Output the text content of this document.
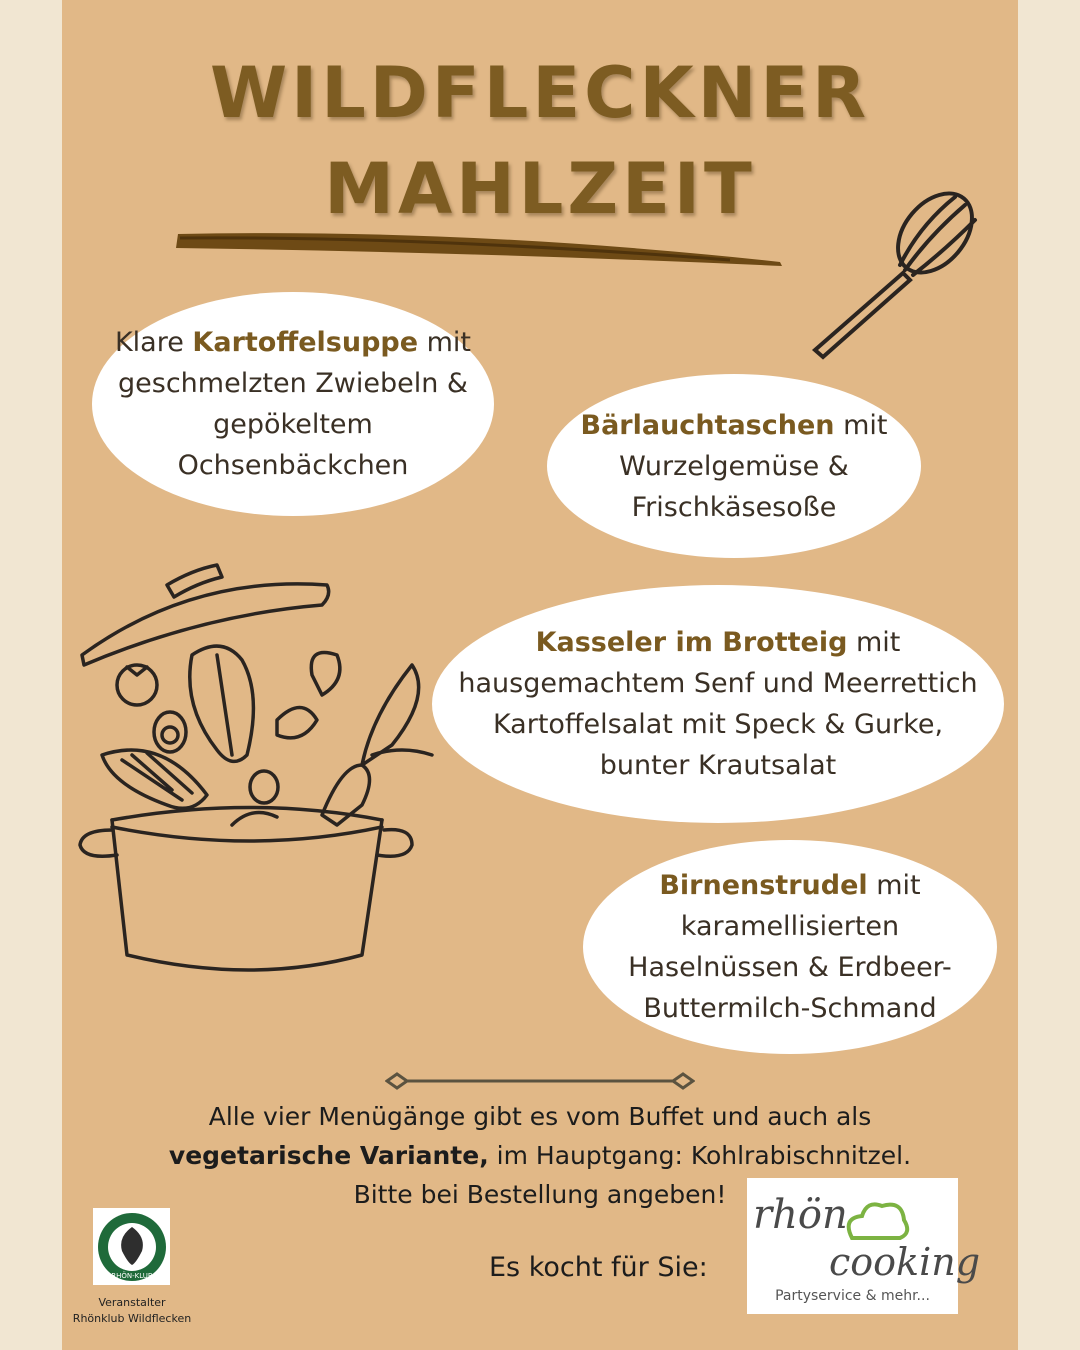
WILDFLECKNER
MAHLZEIT
Klare Kartoffelsuppe mit geschmelzten Zwiebeln & gepökeltem Ochsenbäckchen
Bärlauchtaschen mit Wurzelgemüse & Frischkäsesoße
Kasseler im Brotteig mit
hausgemachtem Senf und Meerrettich
Kartoffelsalat mit Speck & Gurke,
bunter Krautsalat
Birnenstrudel mit
karamellisierten
Haselnüssen & Erdbeer-
Buttermilch-Schmand
Alle vier Menügänge gibt es vom Buffet und auch als
vegetarische Variante, im Hauptgang: Kohlrabischnitzel.
Bitte bei Bestellung angeben!
RHÖN-KLUB
Veranstalter
Rhönklub Wildflecken
Es kocht für Sie:
rhön
cooking
Partyservice & mehr...
